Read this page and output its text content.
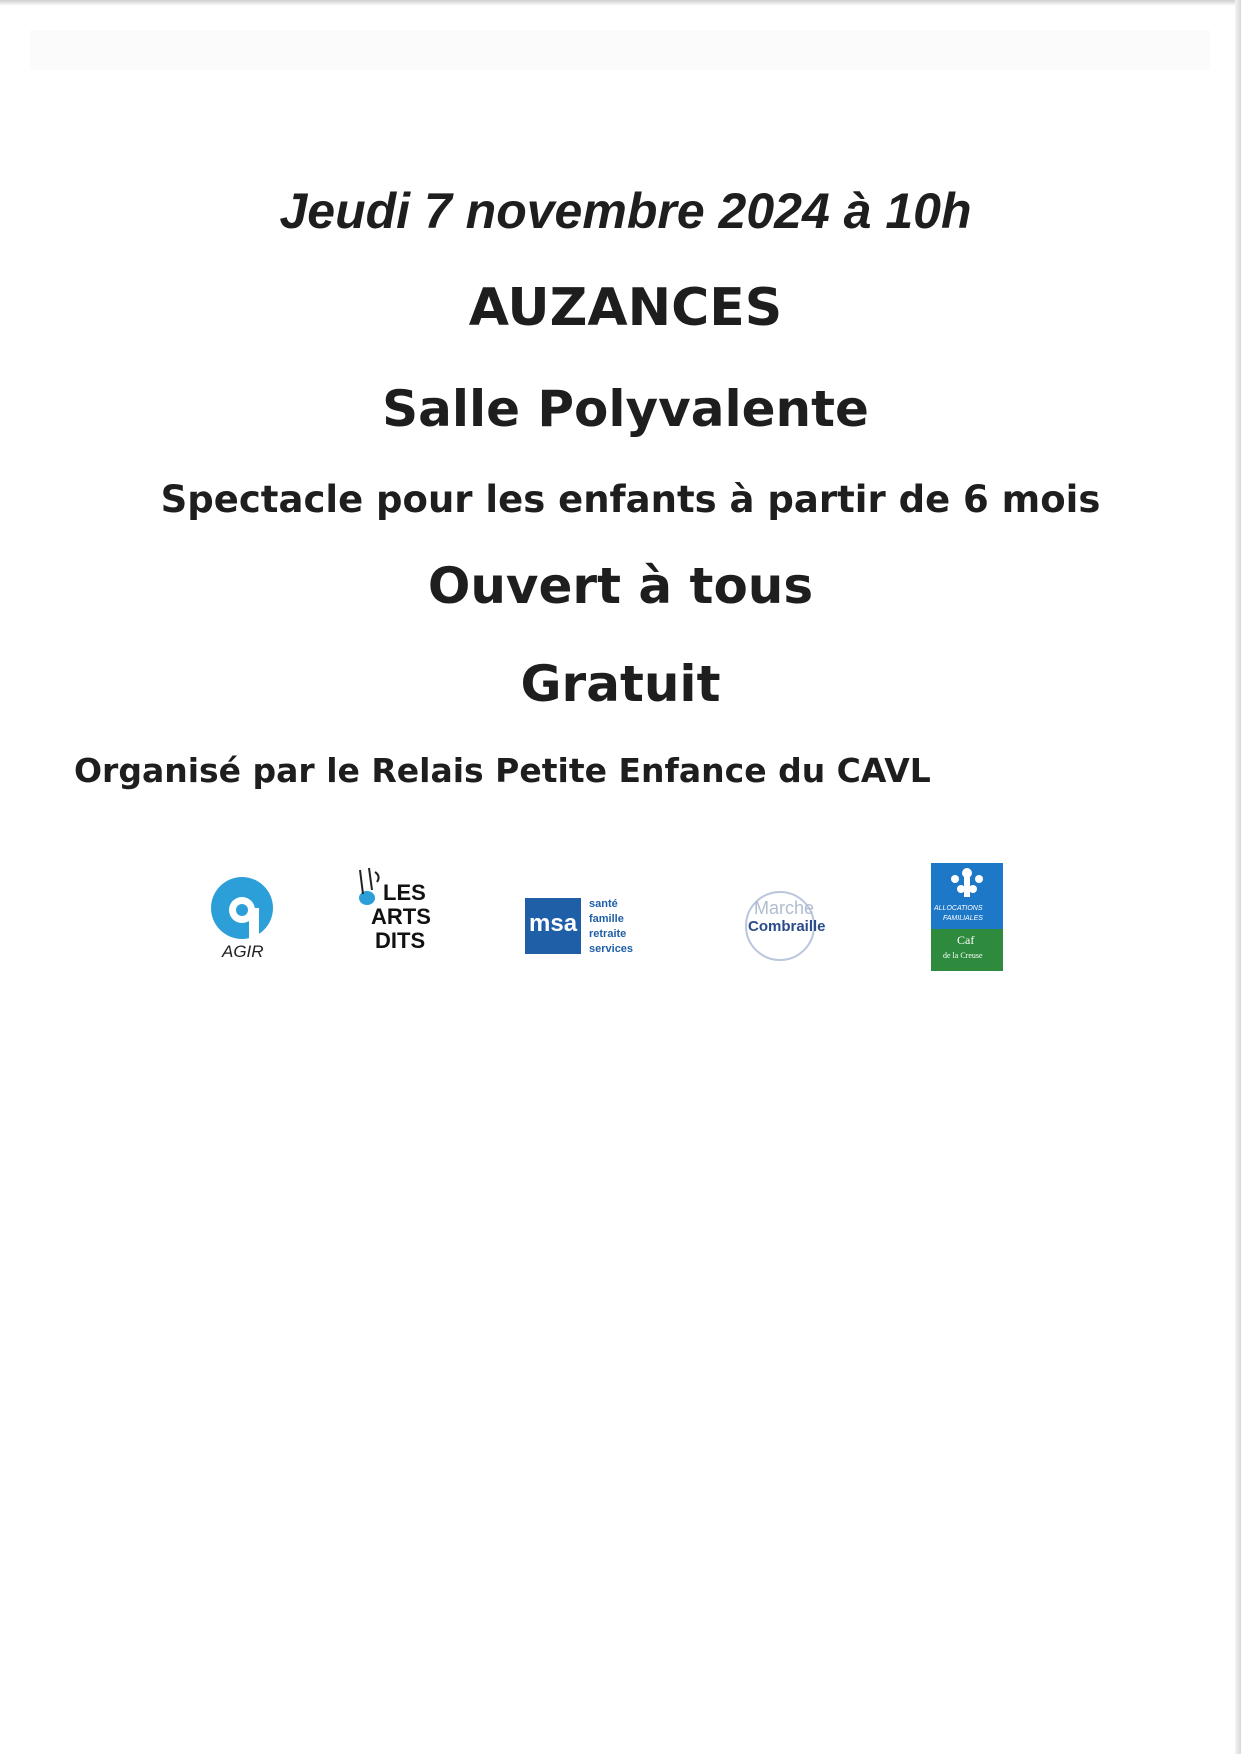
Jeudi 7 novembre 2024 à 10h

AUZANCES

Salle Polyvalente

Spectacle pour les enfants à partir de 6 mois

Ouvert à tous

Gratuit

Organisé par le Relais Petite Enfance du CAVL

AGIR
LES
ARTS
DITS
msa
santé
famille
retraite
services
Marche
Combraille
ALLOCATIONS
FAMILIALES
Caf
de la Creuse
